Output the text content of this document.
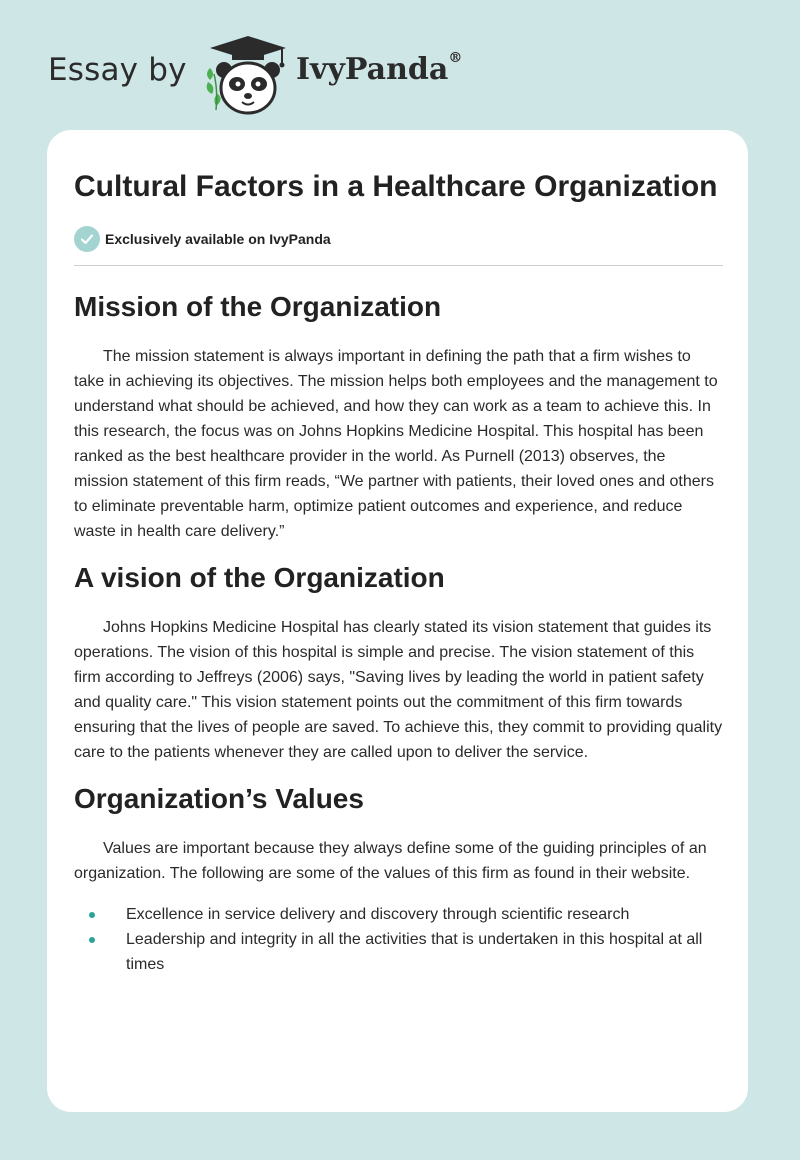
Essay by	IvyPanda®
Cultural Factors in a Healthcare Organization
Exclusively available on IvyPanda
Mission of the Organization

The mission statement is always important in defining the path that a firm wishes to take in achieving its objectives. The mission helps both employees and the management to understand what should be achieved, and how they can work as a team to achieve this. In this research, the focus was on Johns Hopkins Medicine Hospital. This hospital has been ranked as the best healthcare provider in the world. As Purnell (2013) observes, the mission statement of this firm reads, “We partner with patients, their loved ones and others to eliminate preventable harm, optimize patient outcomes and experience, and reduce waste in health care delivery.”

A vision of the Organization

Johns Hopkins Medicine Hospital has clearly stated its vision statement that guides its operations. The vision of this hospital is simple and precise. The vision statement of this firm according to Jeffreys (2006) says, "Saving lives by leading the world in patient safety and quality care." This vision statement points out the commitment of this firm towards ensuring that the lives of people are saved. To achieve this, they commit to providing quality care to the patients whenever they are called upon to deliver the service.

Organization’s Values

Values are important because they always define some of the guiding principles of an organization. The following are some of the values of this firm as found in their website.

Excellence in service delivery and discovery through scientific research
Leadership and integrity in all the activities that is undertaken in this hospital at all times
